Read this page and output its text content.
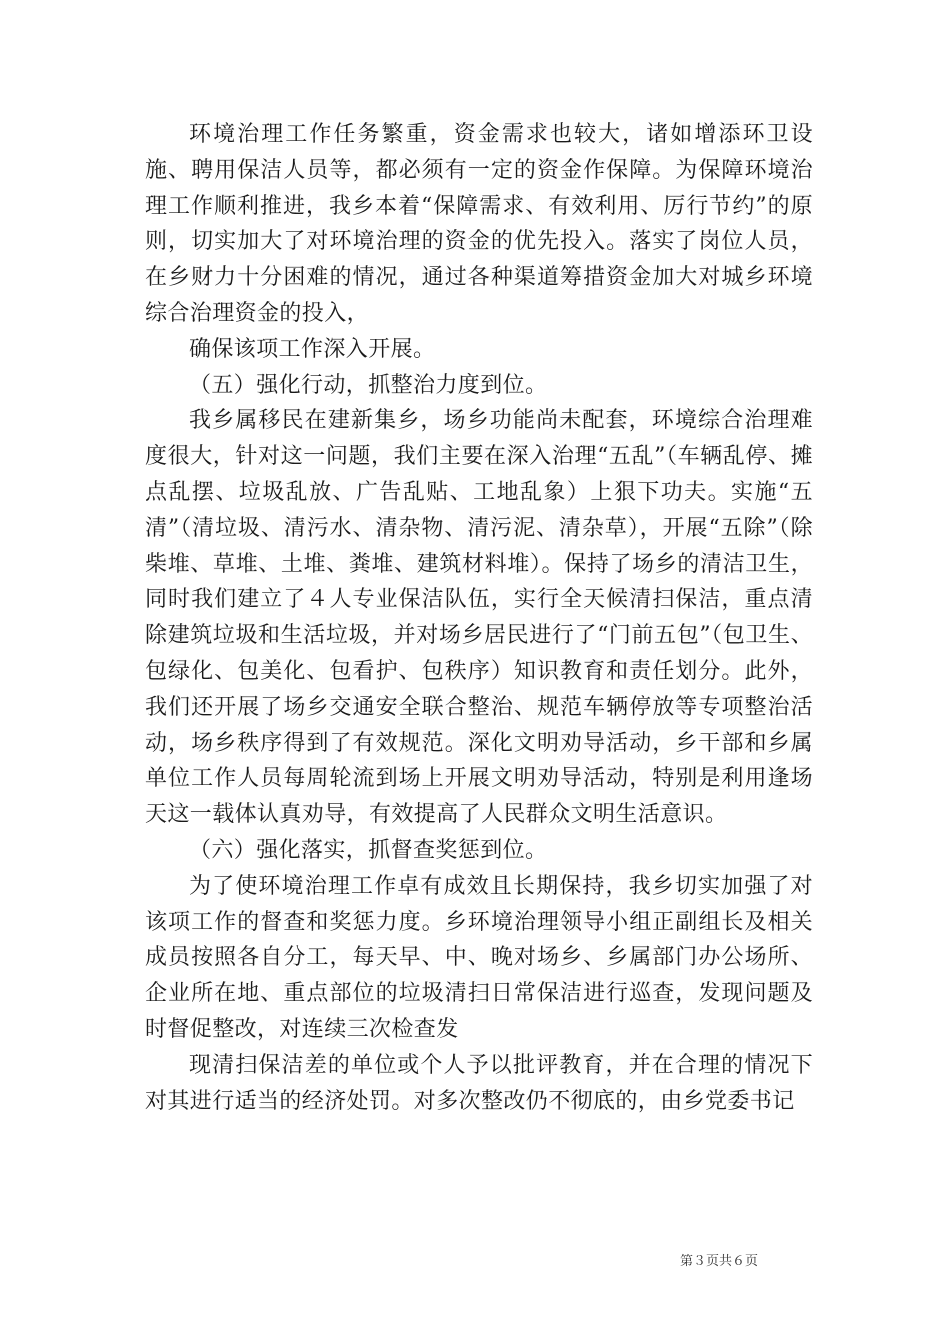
环境治理工作任务繁重，资金需求也较大，诸如增添环卫设施、聘用保洁人员等，都必须有一定的资金作保障。为保障环境治理工作顺利推进，我乡本着“保障需求、有效利用、厉行节约”的原则，切实加大了对环境治理的资金的优先投入。落实了岗位人员，在乡财力十分困难的情况，通过各种渠道筹措资金加大对城乡环境综合治理资金的投入，

确保该项工作深入开展。

（五）强化行动，抓整治力度到位。

我乡属移民在建新集乡，场乡功能尚未配套，环境综合治理难度很大，针对这一问题，我们主要在深入治理“五乱”（车辆乱停、摊点乱摆、垃圾乱放、广告乱贴、工地乱象）上狠下功夫。实施“五清”（清垃圾、清污水、清杂物、清污泥、清杂草），开展“五除”（除柴堆、草堆、土堆、粪堆、建筑材料堆）。保持了场乡的清洁卫生，同时我们建立了４人专业保洁队伍，实行全天候清扫保洁，重点清除建筑垃圾和生活垃圾，并对场乡居民进行了“门前五包”（包卫生、包绿化、包美化、包看护、包秩序）知识教育和责任划分。此外，我们还开展了场乡交通安全联合整治、规范车辆停放等专项整治活动，场乡秩序得到了有效规范。深化文明劝导活动，乡干部和乡属单位工作人员每周轮流到场上开展文明劝导活动，特别是利用逢场天这一载体认真劝导，有效提高了人民群众文明生活意识。

（六）强化落实，抓督查奖惩到位。

为了使环境治理工作卓有成效且长期保持，我乡切实加强了对该项工作的督查和奖惩力度。乡环境治理领导小组正副组长及相关成员按照各自分工，每天早、中、晚对场乡、乡属部门办公场所、企业所在地、重点部位的垃圾清扫日常保洁进行巡查，发现问题及时督促整改，对连续三次检查发

现清扫保洁差的单位或个人予以批评教育，并在合理的情况下对其进行适当的经济处罚。对多次整改仍不彻底的，由乡党委书记

第３页共６页
